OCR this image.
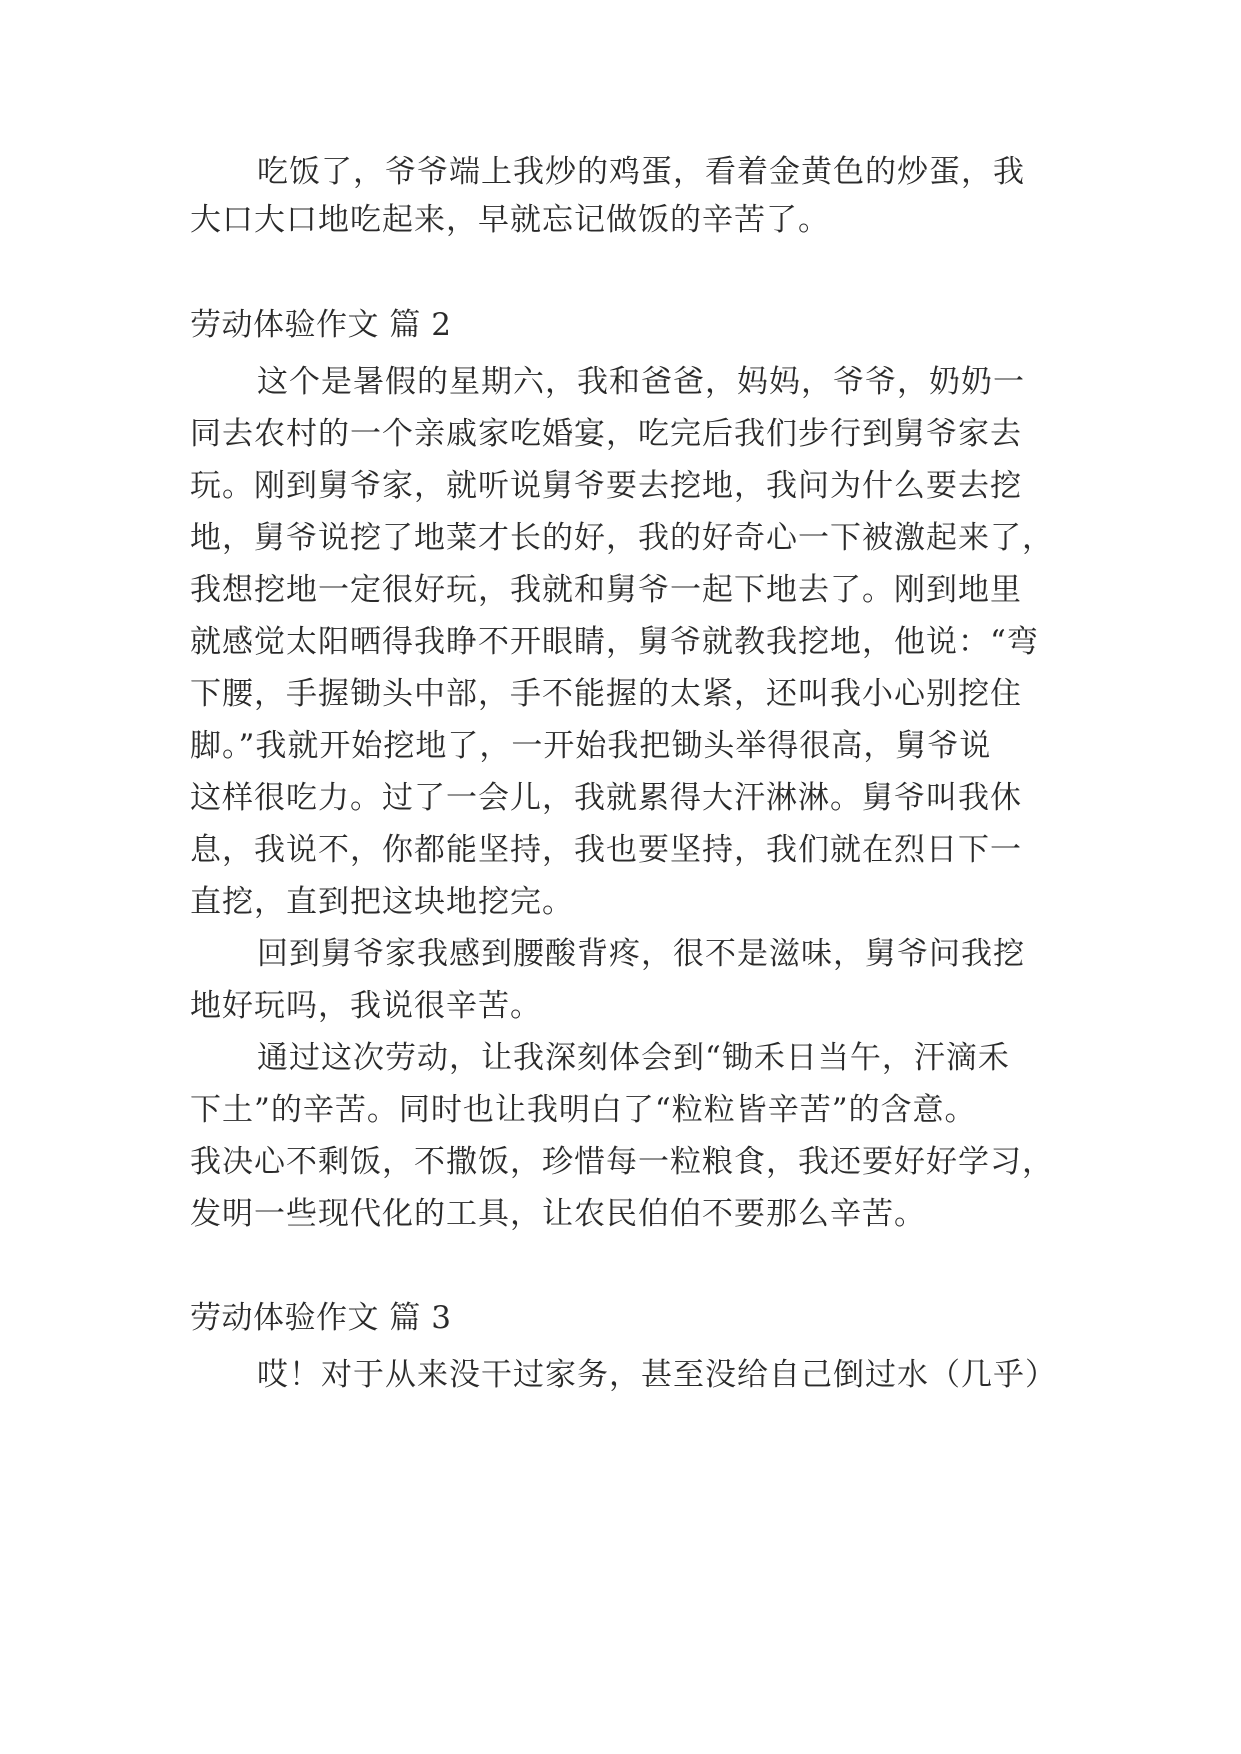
吃饭了，爷爷端上我炒的鸡蛋，看着金黄色的炒蛋，我
大口大口地吃起来，早就忘记做饭的辛苦了。
劳动体验作文 篇 2
这个是暑假的星期六，我和爸爸，妈妈，爷爷，奶奶一
同去农村的一个亲戚家吃婚宴，吃完后我们步行到舅爷家去
玩。刚到舅爷家，就听说舅爷要去挖地，我问为什么要去挖
地，舅爷说挖了地菜才长的好，我的好奇心一下被激起来了，
我想挖地一定很好玩，我就和舅爷一起下地去了。刚到地里
就感觉太阳晒得我睁不开眼睛，舅爷就教我挖地，他说：“弯
下腰，手握锄头中部，手不能握的太紧，还叫我小心别挖住
脚。”我就开始挖地了，一开始我把锄头举得很高，舅爷说
这样很吃力。过了一会儿，我就累得大汗淋淋。舅爷叫我休
息，我说不，你都能坚持，我也要坚持，我们就在烈日下一
直挖，直到把这块地挖完。
回到舅爷家我感到腰酸背疼，很不是滋味，舅爷问我挖
地好玩吗，我说很辛苦。
通过这次劳动，让我深刻体会到“锄禾日当午，汗滴禾
下土”的辛苦。同时也让我明白了“粒粒皆辛苦”的含意。
我决心不剩饭，不撒饭，珍惜每一粒粮食，我还要好好学习，
发明一些现代化的工具，让农民伯伯不要那么辛苦。
劳动体验作文 篇 3
哎！对于从来没干过家务，甚至没给自己倒过水（几乎）
